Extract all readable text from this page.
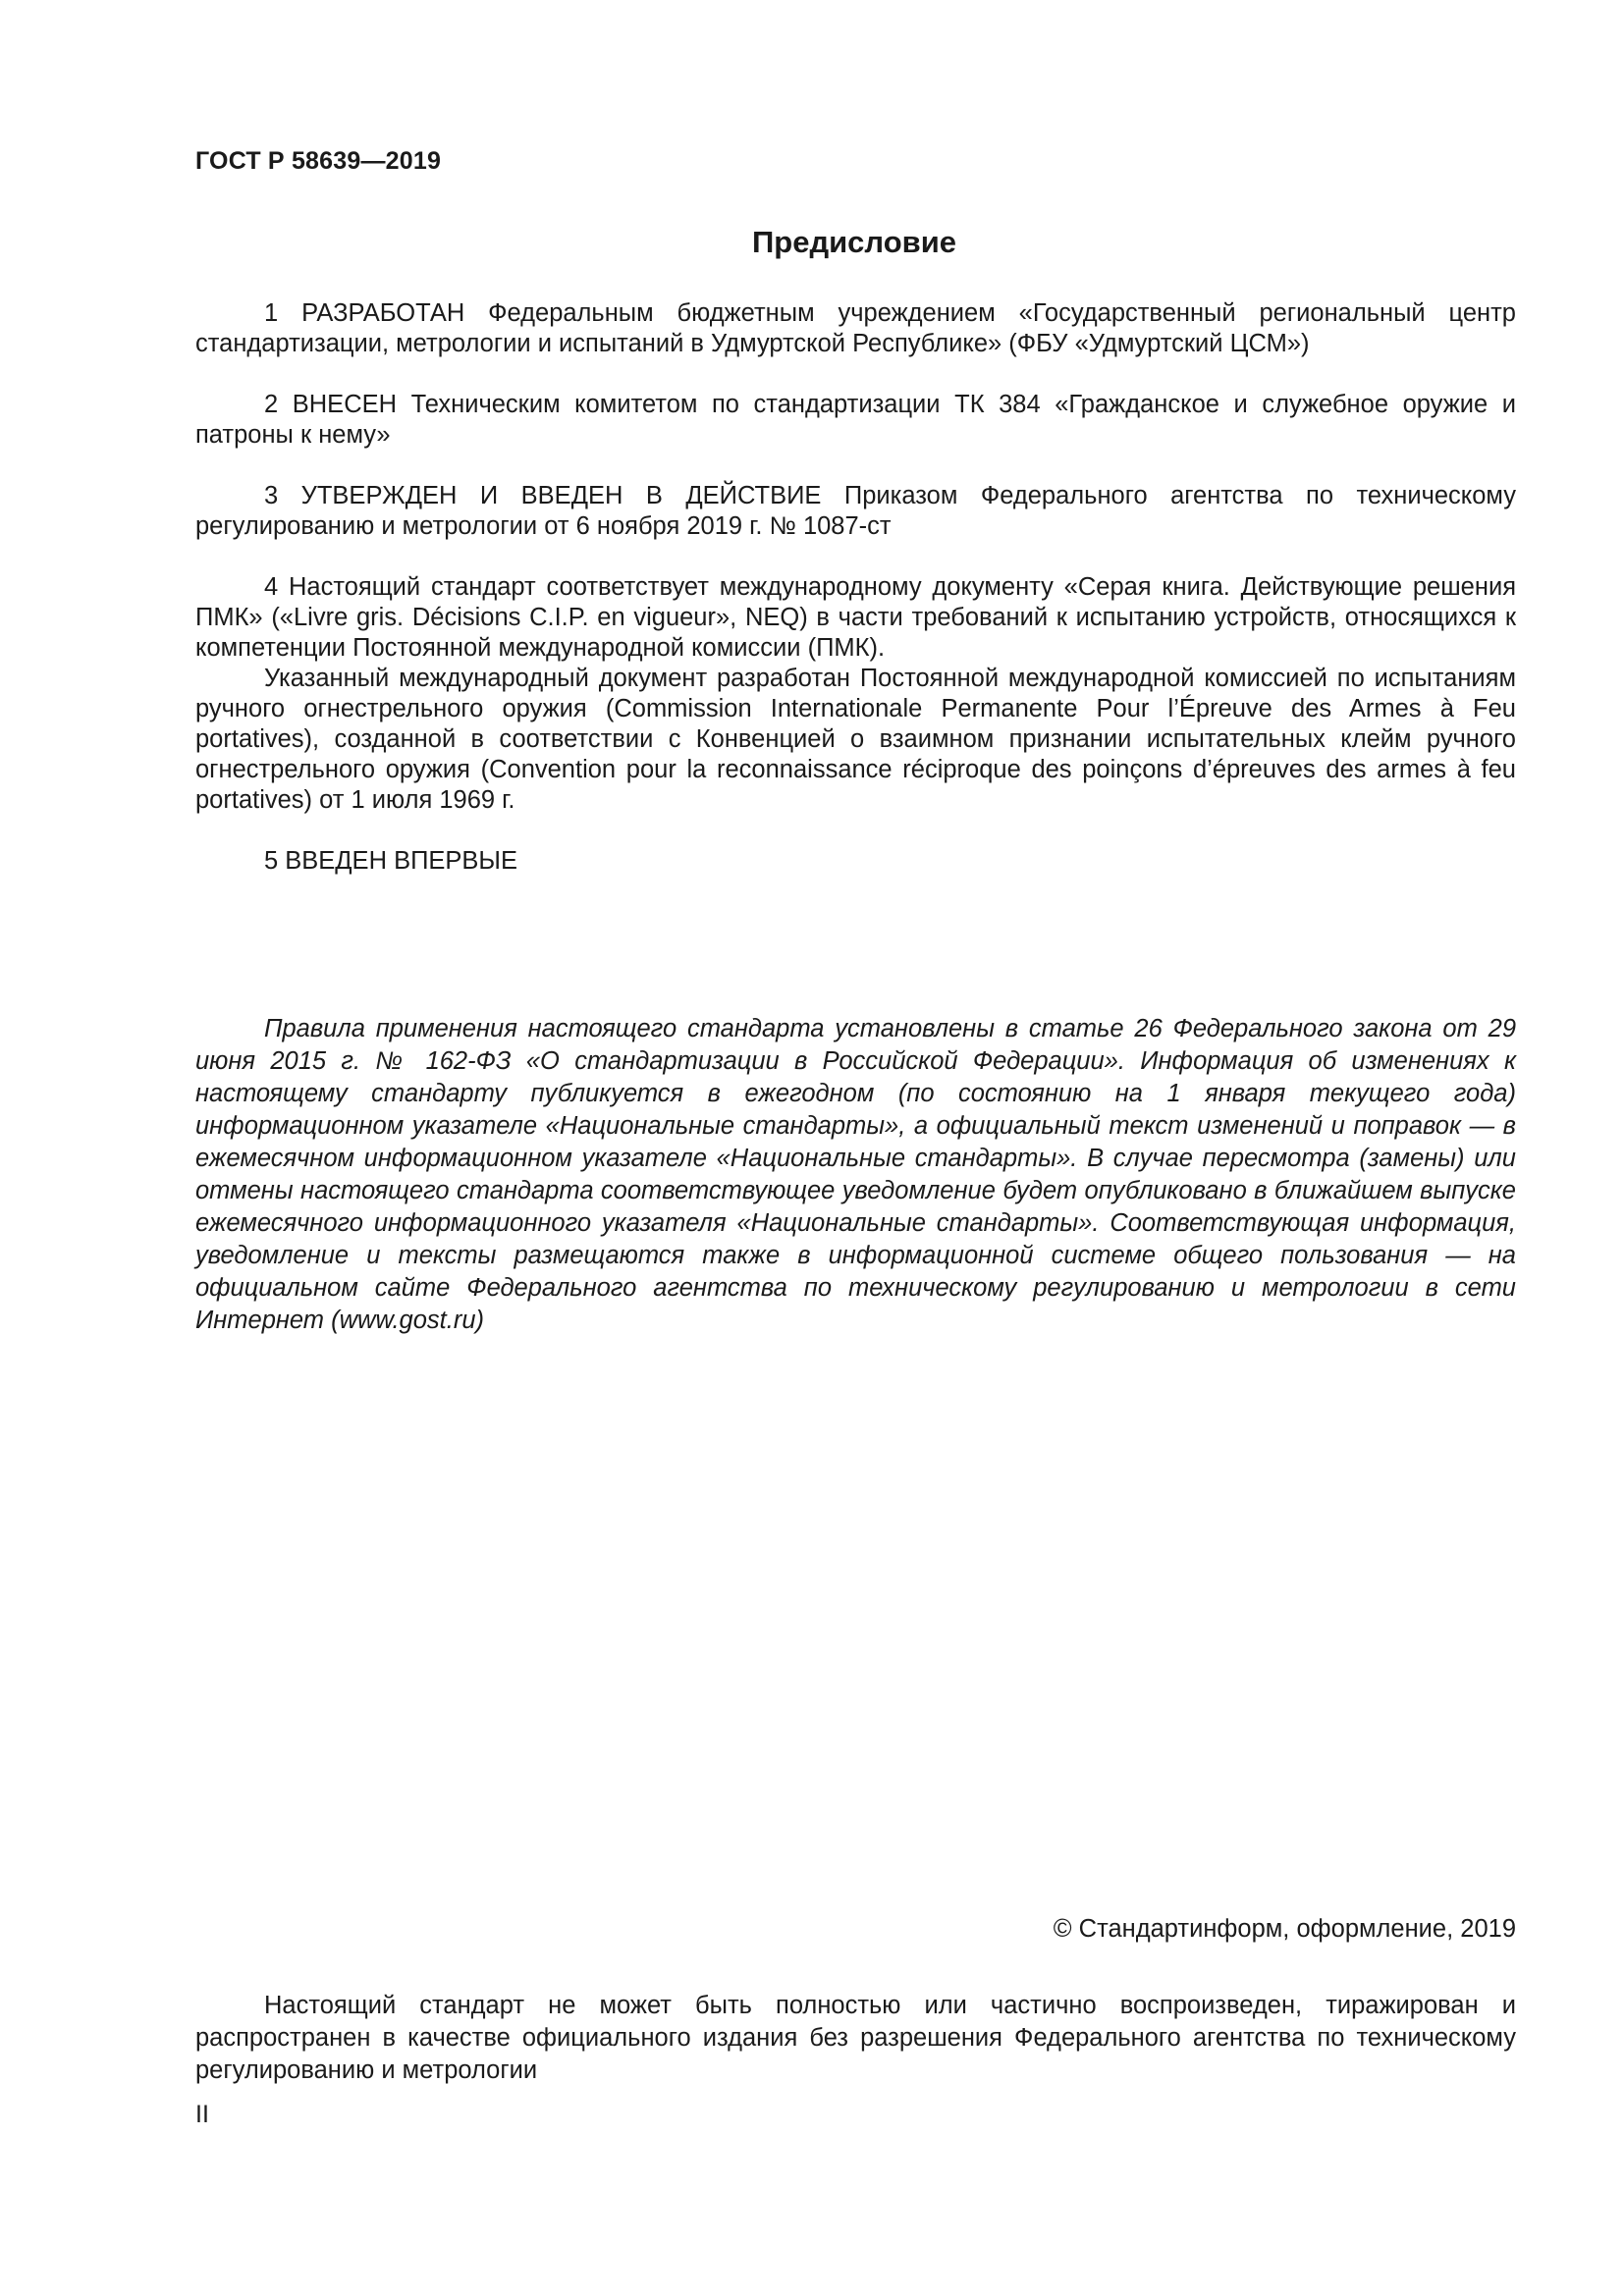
ГОСТ Р 58639—2019
Предисловие

1 РАЗРАБОТАН Федеральным бюджетным учреждением «Государственный региональный центр стандартизации, метрологии и испытаний в Удмуртской Республике» (ФБУ «Удмуртский ЦСМ»)

2 ВНЕСЕН Техническим комитетом по стандартизации ТК 384 «Гражданское и служебное оружие и патроны к нему»

3 УТВЕРЖДЕН И ВВЕДЕН В ДЕЙСТВИЕ Приказом Федерального агентства по техническому регулированию и метрологии от 6 ноября 2019 г. № 1087-ст

4 Настоящий стандарт соответствует международному документу «Серая книга. Действующие решения ПМК» («Livre gris. Décisions C.I.P. en vigueur», NEQ) в части требований к испытанию устройств, относящихся к компетенции Постоянной международной комиссии (ПМК).

Указанный международный документ разработан Постоянной международной комиссией по испытаниям ручного огнестрельного оружия (Commission Internationale Permanente Pour l’Épreuve des Armes à Feu portatives), созданной в соответствии с Конвенцией о взаимном признании испытательных клейм ручного огнестрельного оружия (Convention pour la reconnaissance réciproque des poinçons d’épreuves des armes à feu portatives) от 1 июля 1969 г.

5 ВВЕДЕН ВПЕРВЫЕ

Правила применения настоящего стандарта установлены в статье 26 Федерального закона от 29 июня 2015 г. № 162-ФЗ «О стандартизации в Российской Федерации». Информация об изменениях к настоящему стандарту публикуется в ежегодном (по состоянию на 1 января текущего года) информационном указателе «Национальные стандарты», а официальный текст изменений и поправок — в ежемесячном информационном указателе «Национальные стандарты». В случае пересмотра (замены) или отмены настоящего стандарта соответствующее уведомление будет опубликовано в ближайшем выпуске ежемесячного информационного указателя «Национальные стандарты». Соответствующая информация, уведомление и тексты размещаются также в информационной системе общего пользования — на официальном сайте Федерального агентства по техническому регулированию и метрологии в сети Интернет (www.gost.ru)

© Стандартинформ, оформление, 2019

Настоящий стандарт не может быть полностью или частично воспроизведен, тиражирован и распространен в качестве официального издания без разрешения Федерального агентства по техническому регулированию и метрологии

II
